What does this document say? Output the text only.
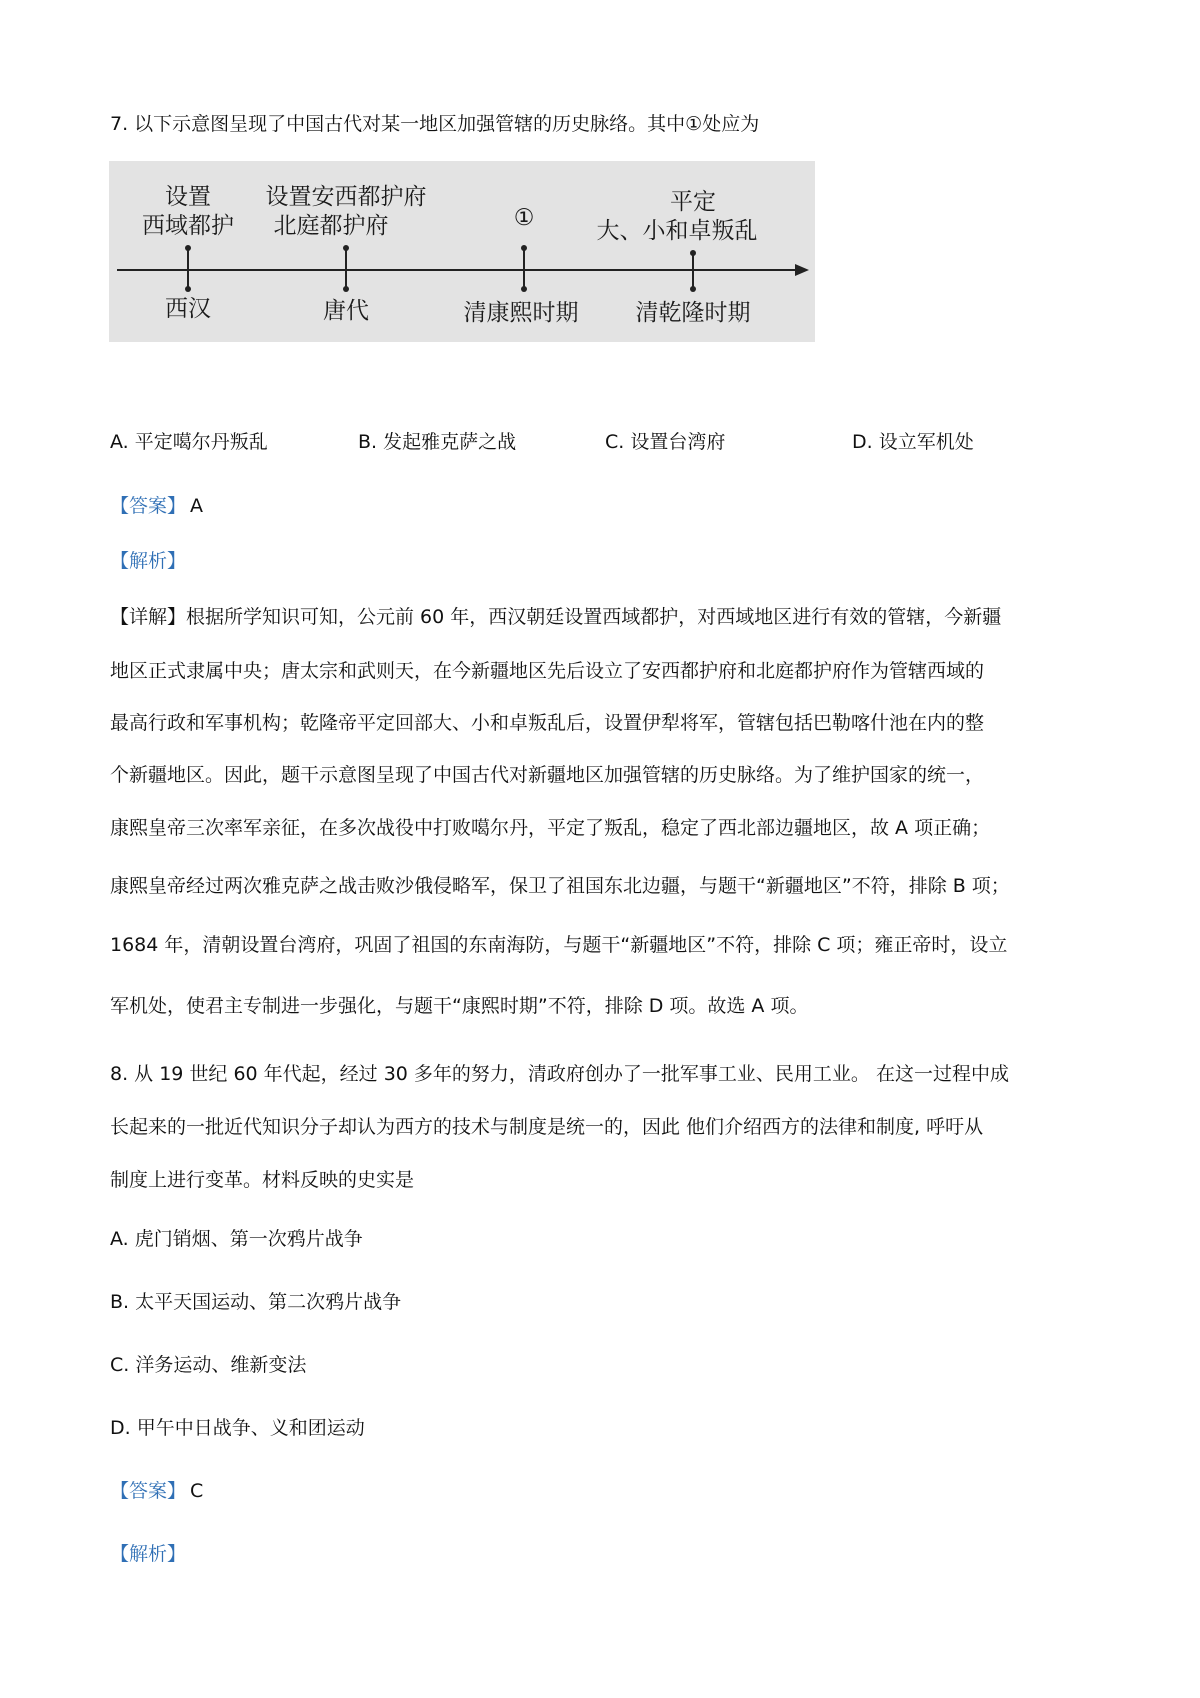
7. 以下示意图呈现了中国古代对某一地区加强管辖的历史脉络。其中①处应为
设置
西域都护
西汉
设置安西都护府
北庭都护府
唐代
①
清康熙时期
平定
大、小和卓叛乱
清乾隆时期
A. 平定噶尔丹叛乱	B. 发起雅克萨之战	C. 设置台湾府	D. 设立军机处
【答案】 A
【解析】
【详解】根据所学知识可知，公元前 60 年，西汉朝廷设置西域都护，对西域地区进行有效的管辖，今新疆
地区正式隶属中央；唐太宗和武则天，在今新疆地区先后设立了安西都护府和北庭都护府作为管辖西域的
最高行政和军事机构；乾隆帝平定回部大、小和卓叛乱后，设置伊犁将军，管辖包括巴勒喀什池在内的整
个新疆地区。因此，题干示意图呈现了中国古代对新疆地区加强管辖的历史脉络。为了维护国家的统一，
康熙皇帝三次率军亲征，在多次战役中打败噶尔丹，平定了叛乱，稳定了西北部边疆地区，故 A 项正确；
康熙皇帝经过两次雅克萨之战击败沙俄侵略军，保卫了祖国东北边疆，与题干“新疆地区”不符，排除 B 项；
1684 年，清朝设置台湾府，巩固了祖国的东南海防，与题干“新疆地区”不符，排除 C 项；雍正帝时，设立
军机处，使君主专制进一步强化，与题干“康熙时期”不符，排除 D 项。故选 A 项。
8. 从 19 世纪 60 年代起，经过 30 多年的努力，清政府创办了一批军事工业、民用工业。 在这一过程中成
长起来的一批近代知识分子却认为西方的技术与制度是统一的，因此 他们介绍西方的法律和制度, 呼吁从
制度上进行变革。材料反映的史实是
A. 虎门销烟、第一次鸦片战争
B. 太平天国运动、第二次鸦片战争
C. 洋务运动、维新变法
D. 甲午中日战争、义和团运动
【答案】 C
【解析】
